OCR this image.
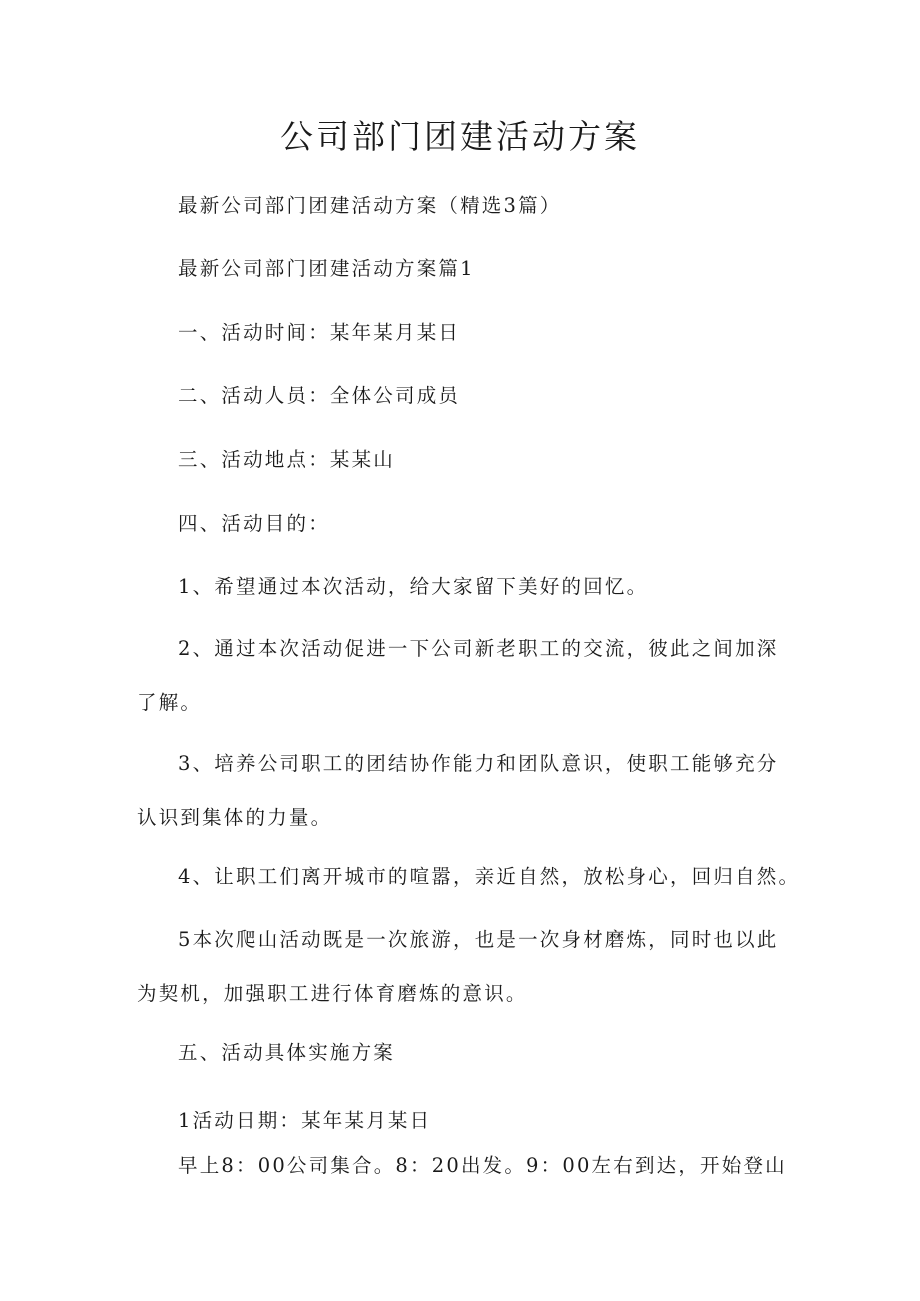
公司部门团建活动方案
最新公司部门团建活动方案（精选3篇）
最新公司部门团建活动方案篇1
一、活动时间：某年某月某日
二、活动人员：全体公司成员
三、活动地点：某某山
四、活动目的：
1、希望通过本次活动，给大家留下美好的回忆。
2、通过本次活动促进一下公司新老职工的交流，彼此之间加深了解。
3、培养公司职工的团结协作能力和团队意识，使职工能够充分认识到集体的力量。
4、让职工们离开城市的喧嚣，亲近自然，放松身心，回归自然。
5本次爬山活动既是一次旅游，也是一次身材磨炼，同时也以此为契机，加强职工进行体育磨炼的意识。
五、活动具体实施方案
1活动日期：某年某月某日
早上8：00公司集合。8：20出发。9：00左右到达，开始登山
